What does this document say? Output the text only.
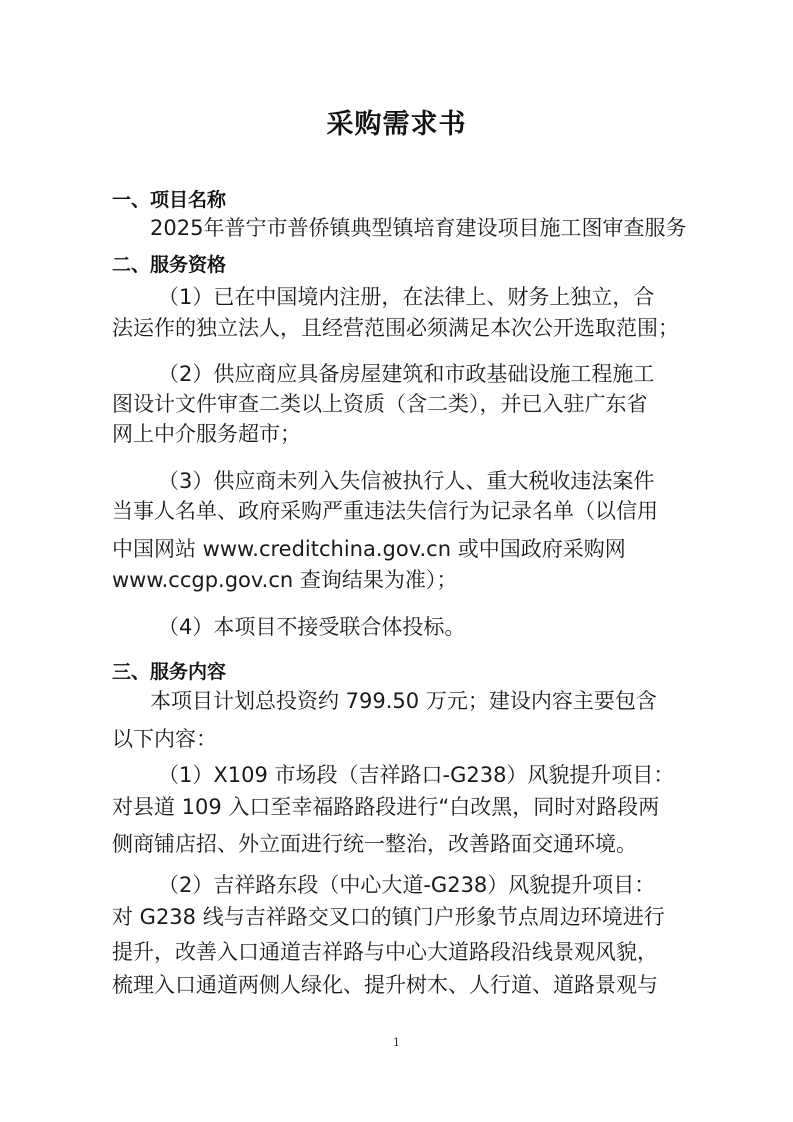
采购需求书
一、项目名称
2025年普宁市普侨镇典型镇培育建设项目施工图审查服务
二、服务资格
（1）已在中国境内注册，在法律上、财务上独立，合
法运作的独立法人，且经营范围必须满足本次公开选取范围；
（2）供应商应具备房屋建筑和市政基础设施工程施工
图设计文件审查二类以上资质（含二类），并已入驻广东省
网上中介服务超市；
（3）供应商未列入失信被执行人、重大税收违法案件
当事人名单、政府采购严重违法失信行为记录名单（以信用
中国网站 www.creditchina.gov.cn 或中国政府采购网
www.ccgp.gov.cn 查询结果为准）；
（4）本项目不接受联合体投标。
三、服务内容
本项目计划总投资约 799.50 万元；建设内容主要包含
以下内容：
（1）X109 市场段（吉祥路口-G238）风貌提升项目：
对县道 109 入口至幸福路路段进行“白改黑，同时对路段两
侧商铺店招、外立面进行统一整治，改善路面交通环境。
（2）吉祥路东段（中心大道-G238）风貌提升项目：
对 G238 线与吉祥路交叉口的镇门户形象节点周边环境进行
提升，改善入口通道吉祥路与中心大道路段沿线景观风貌，
梳理入口通道两侧人绿化、提升树木、人行道、道路景观与
1
